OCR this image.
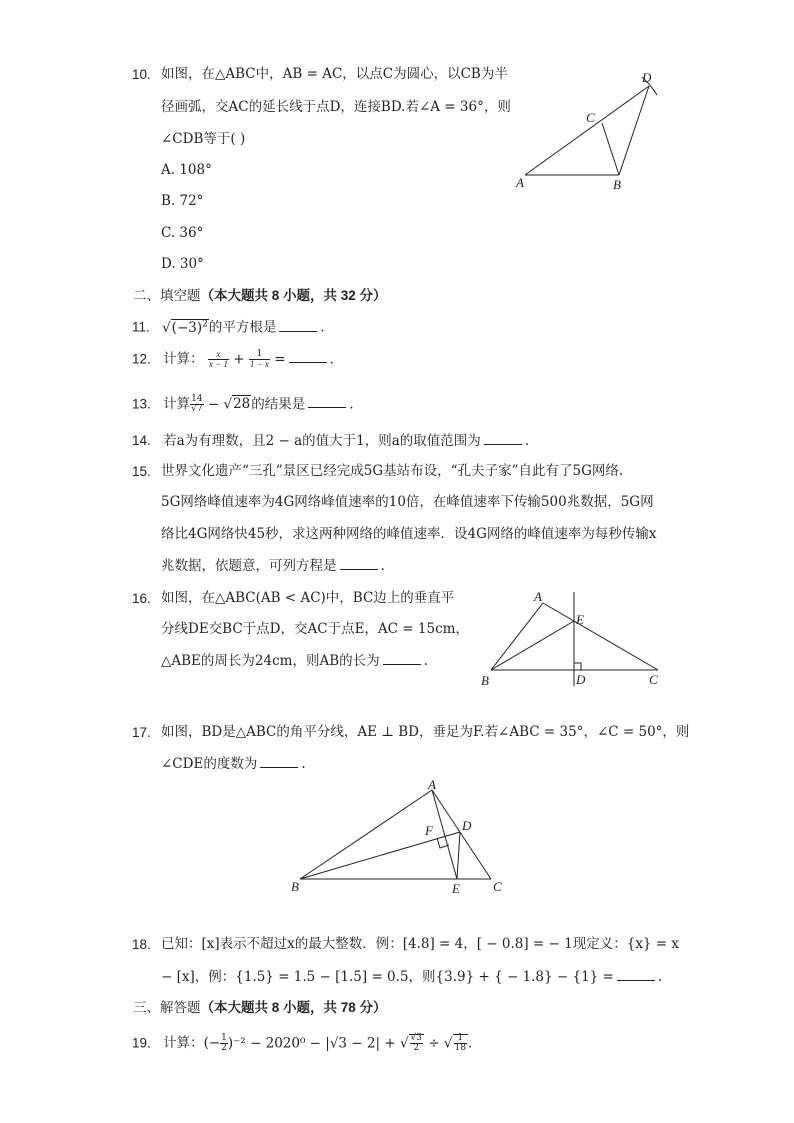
10. 如图，在△ABC中，AB = AC，以点C为圆心，以CB为半
径画弧，交AC的延长线于点D，连接BD.若∠A = 36°，则
∠CDB等于( )
A. 108°
B. 72°
C. 36°
D. 30°
D
C
A	B
二、填空题（本大题共 8 小题，共 32 分）
11. $√(-3)^2$的平方根是	.
12. 计算： $\frac{x}{x - 1} + \frac{1}{1 - x}$ =	.
13. 计算 $\frac{14}{√7} - √28$的结果是	.
14. 若a为有理数，且2 − a的值大于1，则a的取值范围为	.
15. 世界文化遗产“三孔”景区已经完成5G基站布设，“孔夫子家”自此有了5G网络.
5G网络峰值速率为4G网络峰值速率的10倍，在峰值速率下传输500兆数据，5G网
络比4G网络快45秒，求这两种网络的峰值速率．设4G网络的峰值速率为每秒传输x
兆数据，依题意，可列方程是	.
16. 如图，在△ABC(AB < AC)中，BC边上的垂直平
分线DE交BC于点D，交AC于点E，AC = 15cm，
△ABE的周长为24cm，则AB的长为	.
A
E
B	D	C
17. 如图，BD是△ABC的角平分线，AE ⊥ BD，垂足为F.若∠ABC = 35°，∠C = 50°，则
∠CDE的度数为	.
A
F D
B	E	C
18. 已知：[x]表示不超过x的最大整数．例：[4.8] = 4，[ − 0.8] = − 1现定义：{x} = x
− [x]，例：{1.5} = 1.5 − [1.5] = 0.5，则{3.9} + { − 1.8} − {1} =	.
三、解答题（本大题共 8 小题，共 78 分）
19. 计算：(− $\frac{1}{2} )^{-2} - 2020^0 - |√3 - 2|$ + √ $\frac{√3}{2}$ ÷ √ $\frac{1}{18}$ .
